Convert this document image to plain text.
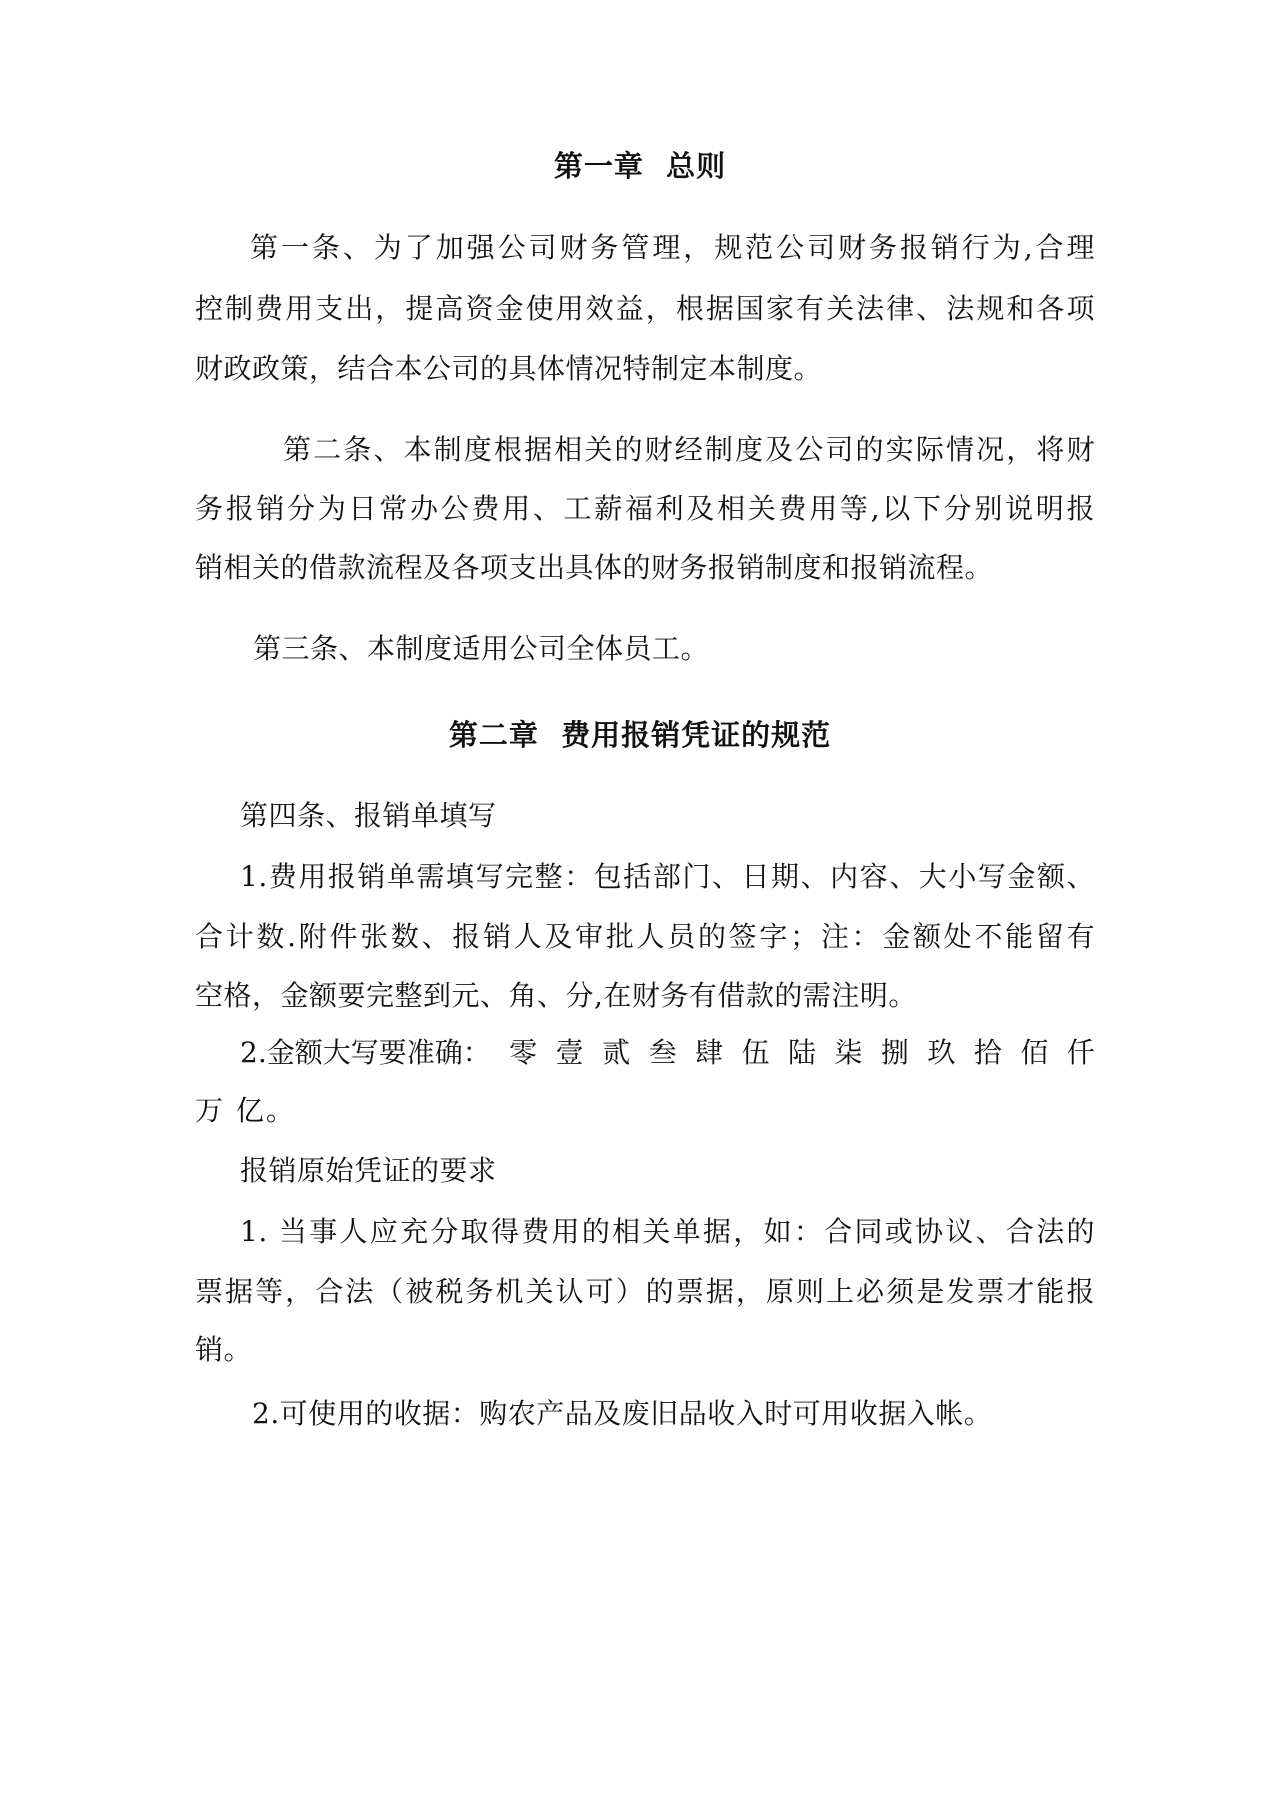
第一章  总则
第一条、为了加强公司财务管理，规范公司财务报销行为,合理
控制费用支出，提高资金使用效益，根据国家有关法律、法规和各项
财政政策，结合本公司的具体情况特制定本制度。
第二条、本制度根据相关的财经制度及公司的实际情况，将财
务报销分为日常办公费用、工薪福利及相关费用等,以下分别说明报
销相关的借款流程及各项支出具体的财务报销制度和报销流程。
第三条、本制度适用公司全体员工。
第二章  费用报销凭证的规范
第四条、报销单填写
1.费用报销单需填写完整：包括部门、日期、内容、大小写金额、
合计数.附件张数、报销人及审批人员的签字；注：金额处不能留有
空格，金额要完整到元、角、分,在财务有借款的需注明。
2.金额大写要准确： 零 壹 贰 叁 肆 伍 陆 柒 捌 玖 拾 佰 仟
万 亿。
报销原始凭证的要求
1. 当事人应充分取得费用的相关单据，如：合同或协议、合法的
票据等，合法（被税务机关认可）的票据，原则上必须是发票才能报
销。
2.可使用的收据：购农产品及废旧品收入时可用收据入帐。
